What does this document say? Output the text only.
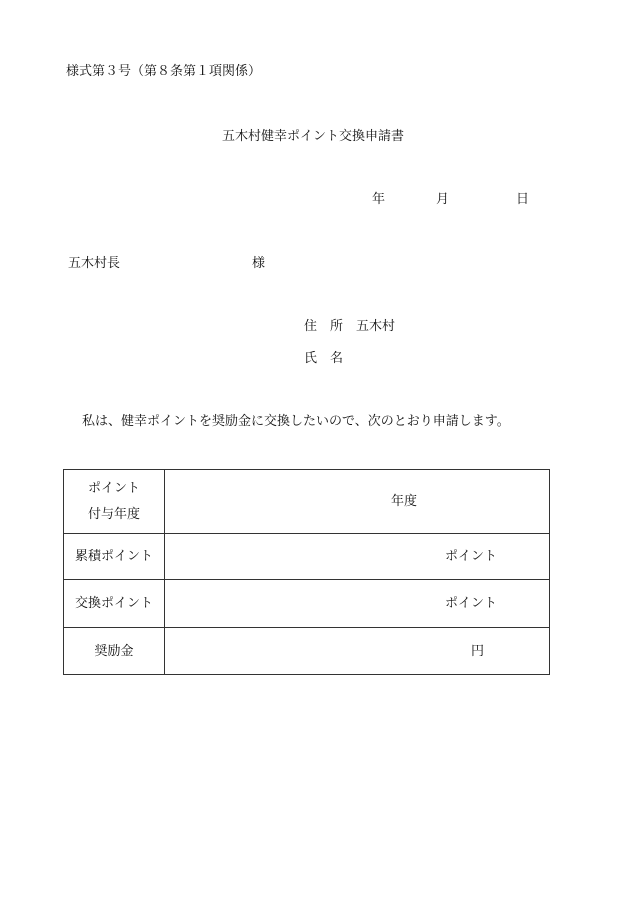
様式第３号（第８条第１項関係）
五木村健幸ポイント交換申請書
年	月	日
五木村長	様
住　所 五木村
氏　名
私は、健幸ポイントを奨励金に交換したいので、次のとおり申請します。
ポイント
付与年度	年度

累積ポイント	ポイント

交換ポイント	ポイント

奨励金	円
